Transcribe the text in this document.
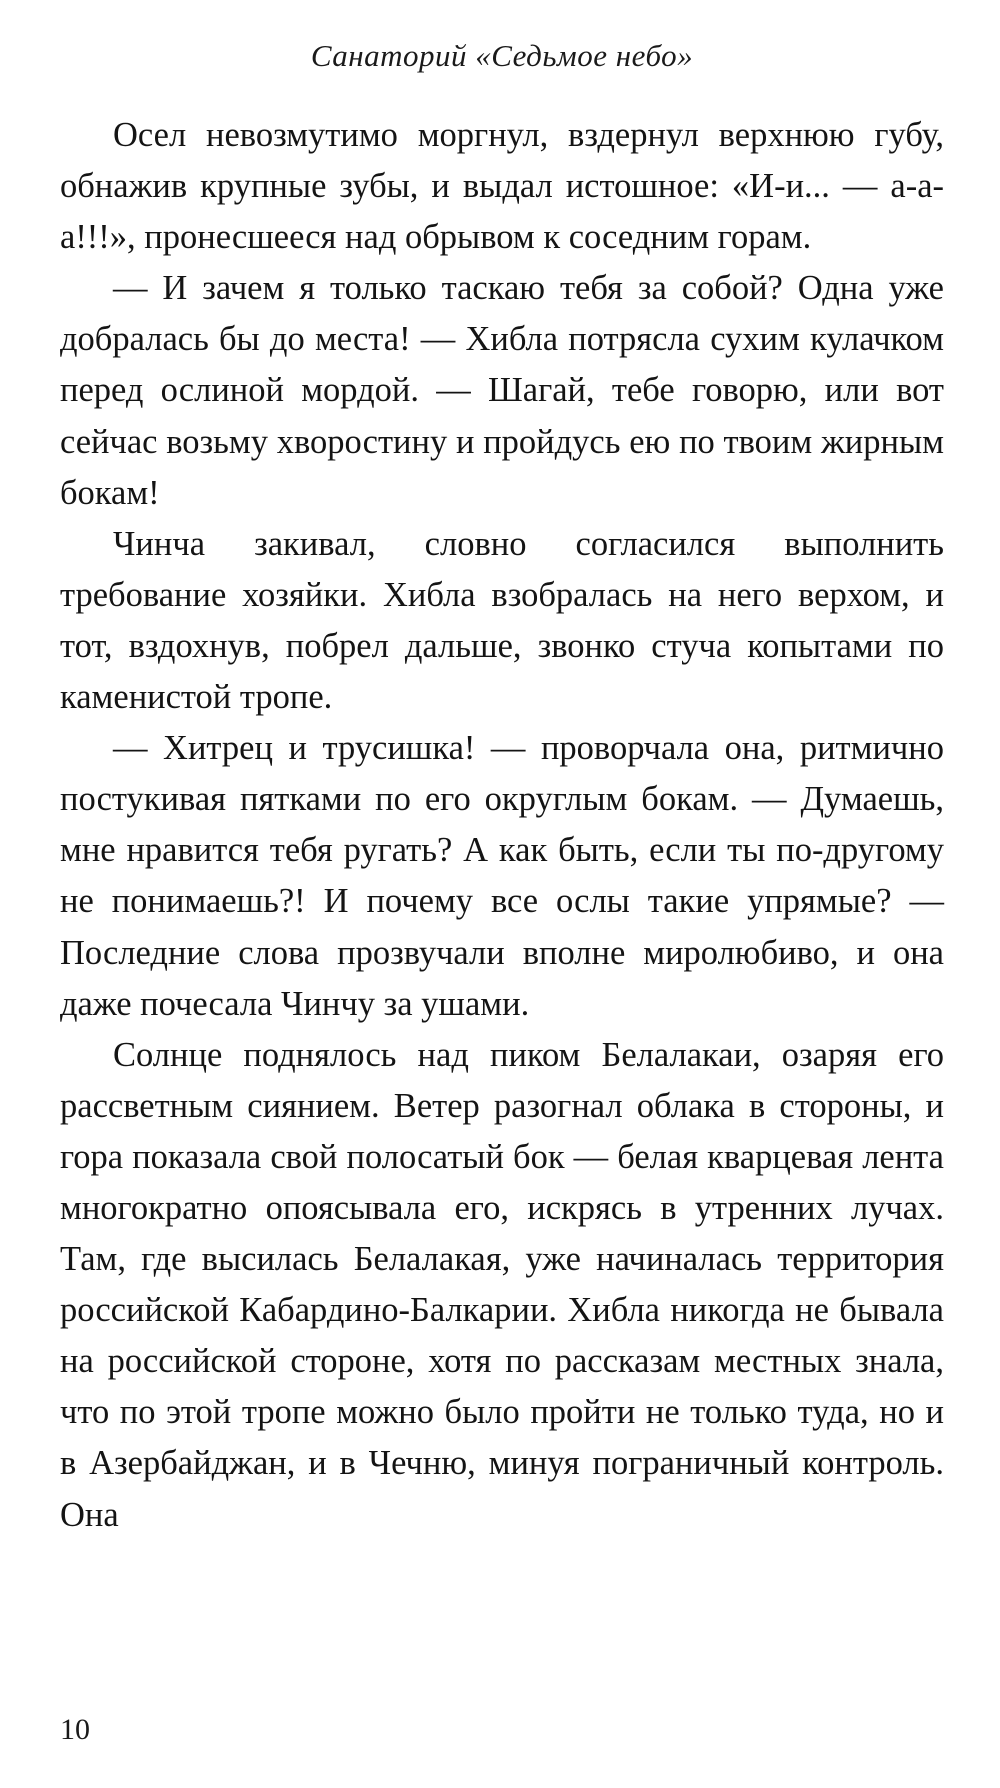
Санаторий «Седьмое небо»

Осел невозмутимо моргнул, вздернул верхнюю губу, обнажив крупные зубы, и выдал истошное: «И-и... — а-а-а!!!», пронесшееся над обрывом к соседним горам.

— И зачем я только таскаю тебя за собой? Одна уже добралась бы до места! — Хибла потрясла сухим кулачком перед ослиной мордой. — Шагай, тебе говорю, или вот сейчас возьму хворостину и пройдусь ею по твоим жирным бокам!

Чинча закивал, словно согласился выполнить требование хозяйки. Хибла взобралась на него верхом, и тот, вздохнув, побрел дальше, звонко стуча копытами по каменистой тропе.

— Хитрец и трусишка! — проворчала она, ритмично постукивая пятками по его округлым бокам. — Думаешь, мне нравится тебя ругать? А как быть, если ты по-другому не понимаешь?! И почему все ослы такие упрямые? — Последние слова прозвучали вполне миролюбиво, и она даже почесала Чинчу за ушами.

Солнце поднялось над пиком Белалакаи, озаряя его рассветным сиянием. Ветер разогнал облака в стороны, и гора показала свой полосатый бок — белая кварцевая лента многократно опоясывала его, искрясь в утренних лучах. Там, где высилась Белалакая, уже начиналась территория российской Кабардино-Балкарии. Хибла никогда не бывала на российской стороне, хотя по рассказам местных знала, что по этой тропе можно было пройти не только туда, но и в Азербайджан, и в Чечню, минуя пограничный контроль. Она

10
